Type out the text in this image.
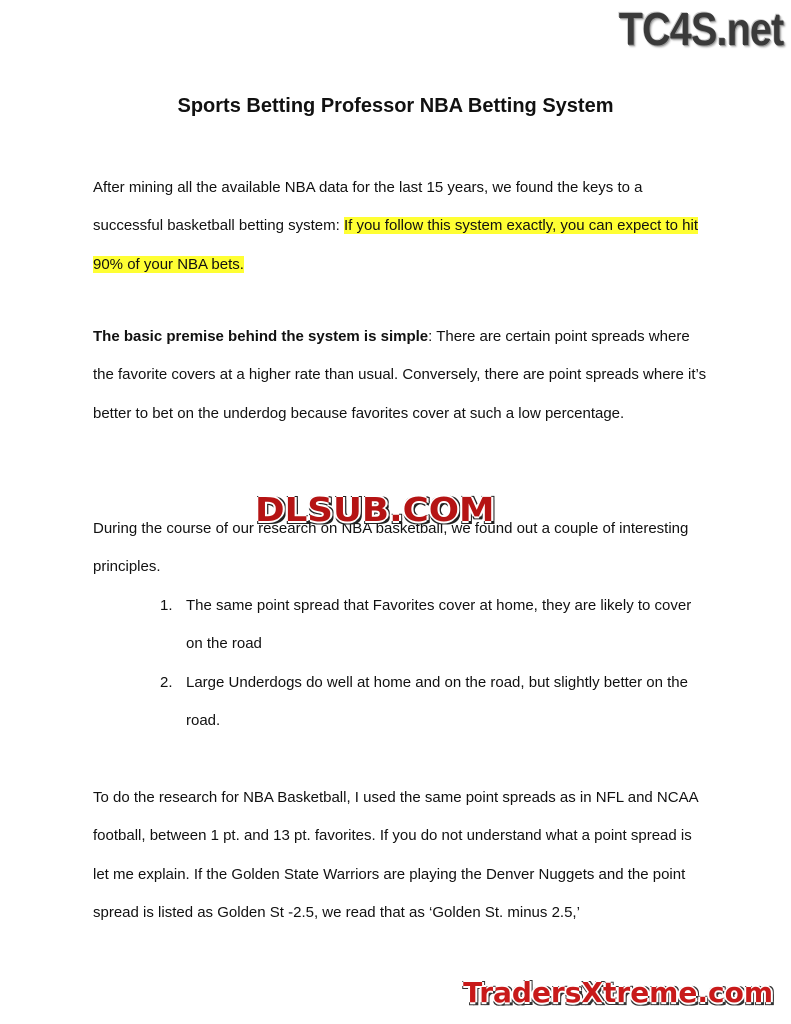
Sports Betting Professor NBA Betting System

After mining all the available NBA data for the last 15 years, we found the keys to a successful basketball betting system: If you follow this system exactly, you can expect to hit 90% of your NBA bets.

The basic premise behind the system is simple: There are certain point spreads where the favorite covers at a higher rate than usual. Conversely, there are point spreads where it’s better to bet on the underdog because favorites cover at such a low percentage.

During the course of our research on NBA basketball, we found out a couple of interesting principles.

1. The same point spread that Favorites cover at home, they are likely to cover on the road
2. Large Underdogs do well at home and on the road, but slightly better on the road.

To do the research for NBA Basketball, I used the same point spreads as in NFL and NCAA football, between 1 pt. and 13 pt. favorites. If you do not understand what a point spread is let me explain. If the Golden State Warriors are playing the Denver Nuggets and the point spread is listed as Golden St -2.5, we read that as ‘Golden St. minus 2.5,’

TC4S.net
DLSUB.COM
TradersXtreme.com
